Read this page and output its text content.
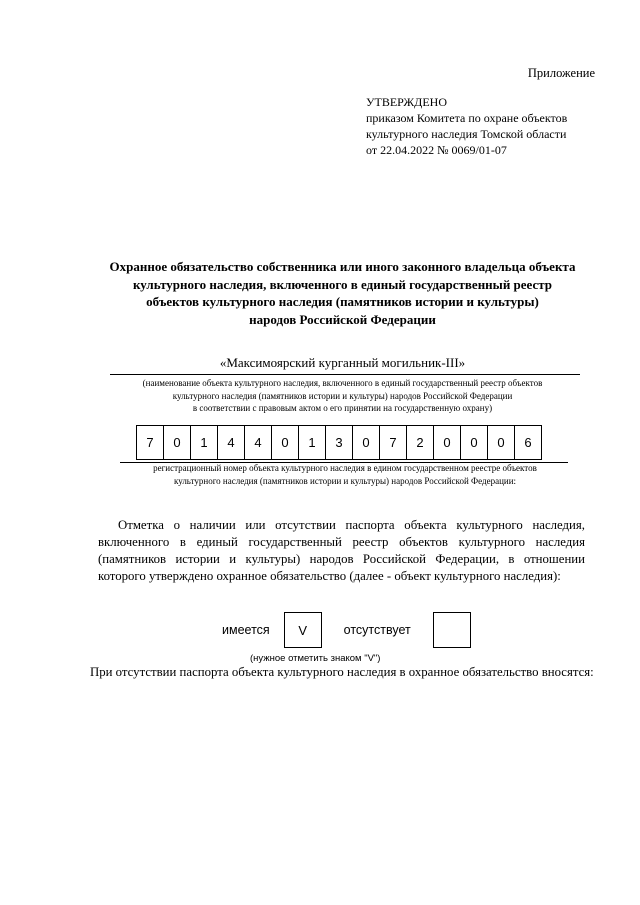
Приложение
УТВЕРЖДЕНО
приказом Комитета по охране объектов
культурного наследия Томской области
от 22.04.2022 № 0069/01-07
Охранное обязательство собственника или иного законного владельца объекта
культурного наследия, включенного в единый государственный реестр
объектов культурного наследия (памятников истории и культуры)
народов Российской Федерации
«Максимоярский курганный могильник-III»
(наименование объекта культурного наследия, включенного в единый государственный реестр объектов
культурного наследия (памятников истории и культуры) народов Российской Федерации
в соответствии с правовым актом о его принятии на государственную охрану)
7	0	1	4	4	0	1	3	0	7	2	0	0	0	6
регистрационный номер объекта культурного наследия в едином государственном реестре объектов
культурного наследия (памятников истории и культуры) народов Российской Федерации:
Отметка о наличии или отсутствии паспорта объекта культурного наследия, включенного в единый государственный реестр объектов культурного наследия (памятников истории и культуры) народов Российской Федерации, в отношении которого утверждено охранное обязательство (далее - объект культурного наследия):
имеется	V	отсутствует
(нужное отметить знаком "V")
При отсутствии паспорта объекта культурного наследия в охранное обязательство вносятся:
